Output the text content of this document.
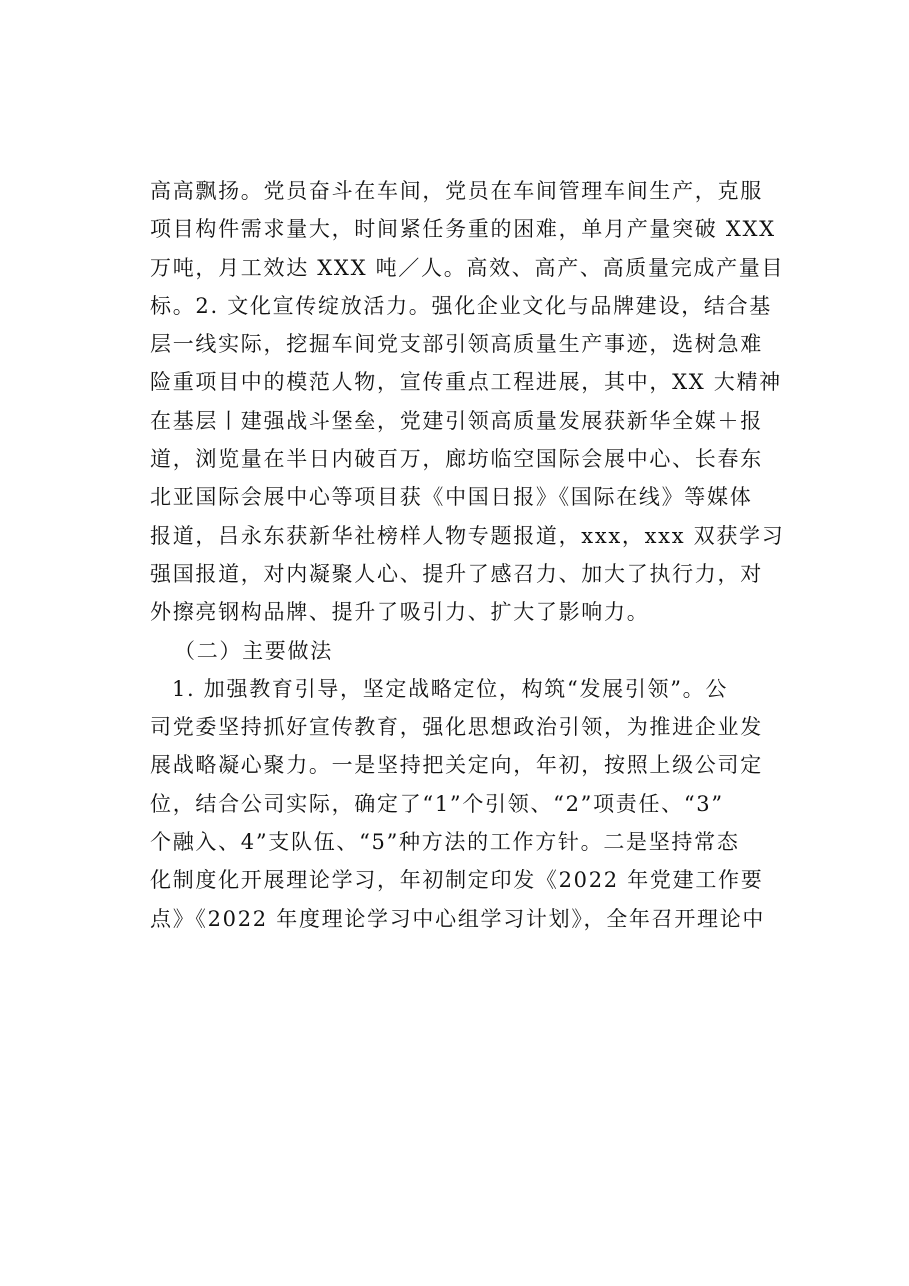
高高飘扬。党员奋斗在车间，党员在车间管理车间生产，克服
项目构件需求量大，时间紧任务重的困难，单月产量突破 XXX
万吨，月工效达 XXX 吨／人。高效、高产、高质量完成产量目
标。2. 文化宣传绽放活力。强化企业文化与品牌建设，结合基
层一线实际，挖掘车间党支部引领高质量生产事迹，选树急难
险重项目中的模范人物，宣传重点工程进展，其中，XX 大精神
在基层丨建强战斗堡垒，党建引领高质量发展获新华全媒＋报
道，浏览量在半日内破百万，廊坊临空国际会展中心、长春东
北亚国际会展中心等项目获《中国日报》《国际在线》等媒体
报道，吕永东获新华社榜样人物专题报道，xxx，xxx 双获学习
强国报道，对内凝聚人心、提升了感召力、加大了执行力，对
外擦亮钢构品牌、提升了吸引力、扩大了影响力。
（二）主要做法
1. 加强教育引导，坚定战略定位，构筑“发展引领”。公
司党委坚持抓好宣传教育，强化思想政治引领，为推进企业发
展战略凝心聚力。一是坚持把关定向，年初，按照上级公司定
位，结合公司实际，确定了“1”个引领、“2”项责任、“3”
个融入、4”支队伍、“5”种方法的工作方针。二是坚持常态
化制度化开展理论学习，年初制定印发《2022 年党建工作要
点》《2022 年度理论学习中心组学习计划》，全年召开理论中
